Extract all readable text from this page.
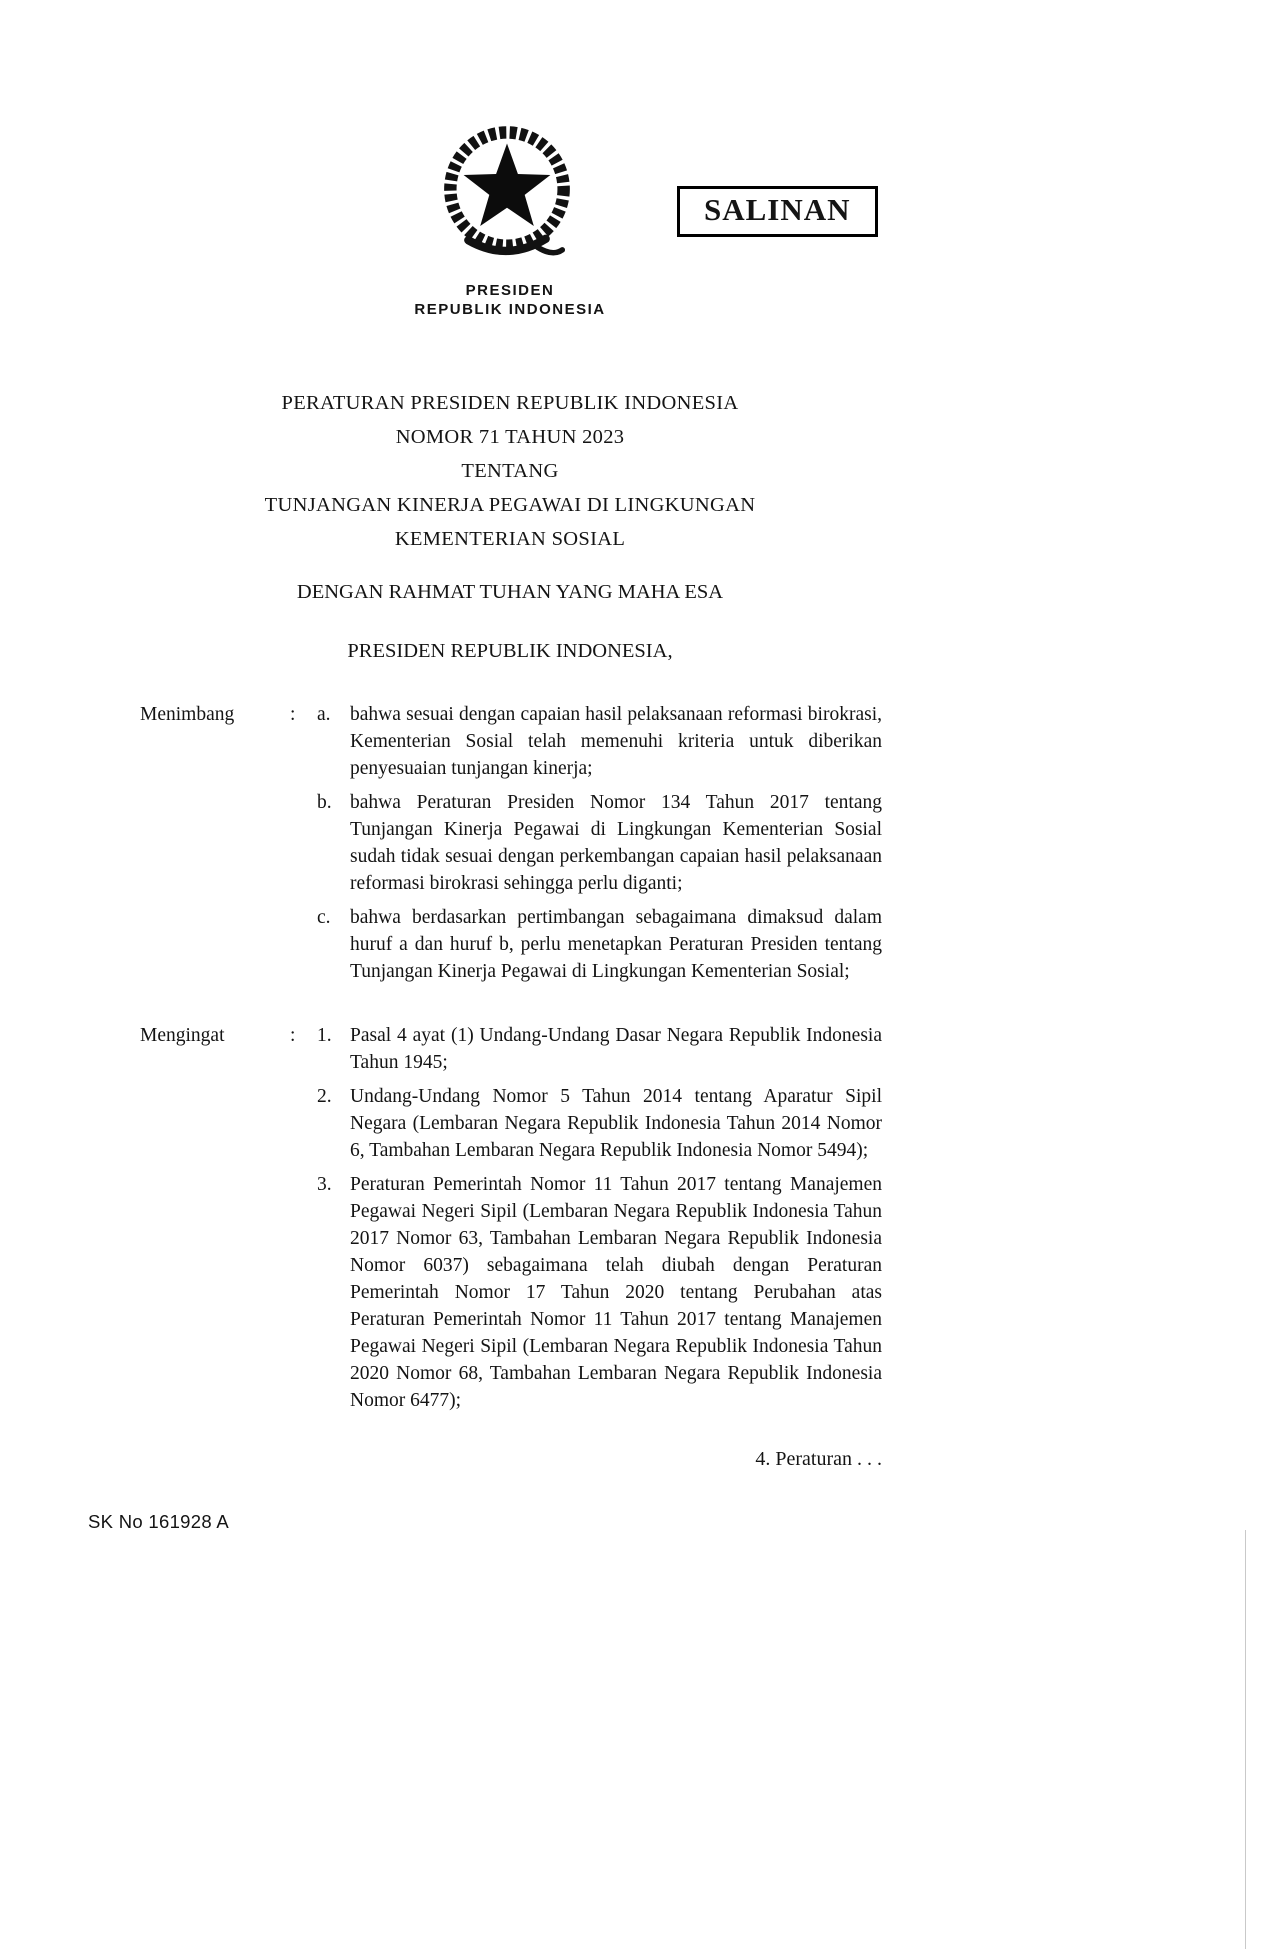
SALINAN
PRESIDEN
REPUBLIK INDONESIA
PERATURAN PRESIDEN REPUBLIK INDONESIA
NOMOR 71 TAHUN 2023
TENTANG
TUNJANGAN KINERJA PEGAWAI DI LINGKUNGAN
KEMENTERIAN SOSIAL
DENGAN RAHMAT TUHAN YANG MAHA ESA
PRESIDEN REPUBLIK INDONESIA,
Menimbang	:	a. bahwa sesuai dengan capaian hasil pelaksanaan reformasi birokrasi, Kementerian Sosial telah memenuhi kriteria untuk diberikan penyesuaian tunjangan kinerja;

b. bahwa Peraturan Presiden Nomor 134 Tahun 2017 tentang Tunjangan Kinerja Pegawai di Lingkungan Kementerian Sosial sudah tidak sesuai dengan perkembangan capaian hasil pelaksanaan reformasi birokrasi sehingga perlu diganti;

c. bahwa berdasarkan pertimbangan sebagaimana dimaksud dalam huruf a dan huruf b, perlu menetapkan Peraturan Presiden tentang Tunjangan Kinerja Pegawai di Lingkungan Kementerian Sosial;

Mengingat	:	1. Pasal 4 ayat (1) Undang-Undang Dasar Negara Republik Indonesia Tahun 1945;

2. Undang-Undang Nomor 5 Tahun 2014 tentang Aparatur Sipil Negara (Lembaran Negara Republik Indonesia Tahun 2014 Nomor 6, Tambahan Lembaran Negara Republik Indonesia Nomor 5494);

3. Peraturan Pemerintah Nomor 11 Tahun 2017 tentang Manajemen Pegawai Negeri Sipil (Lembaran Negara Republik Indonesia Tahun 2017 Nomor 63, Tambahan Lembaran Negara Republik Indonesia Nomor 6037) sebagaimana telah diubah dengan Peraturan Pemerintah Nomor 17 Tahun 2020 tentang Perubahan atas Peraturan Pemerintah Nomor 11 Tahun 2017 tentang Manajemen Pegawai Negeri Sipil (Lembaran Negara Republik Indonesia Tahun 2020 Nomor 68, Tambahan Lembaran Negara Republik Indonesia Nomor 6477);

4. Peraturan . . .
SK No 161928 A
